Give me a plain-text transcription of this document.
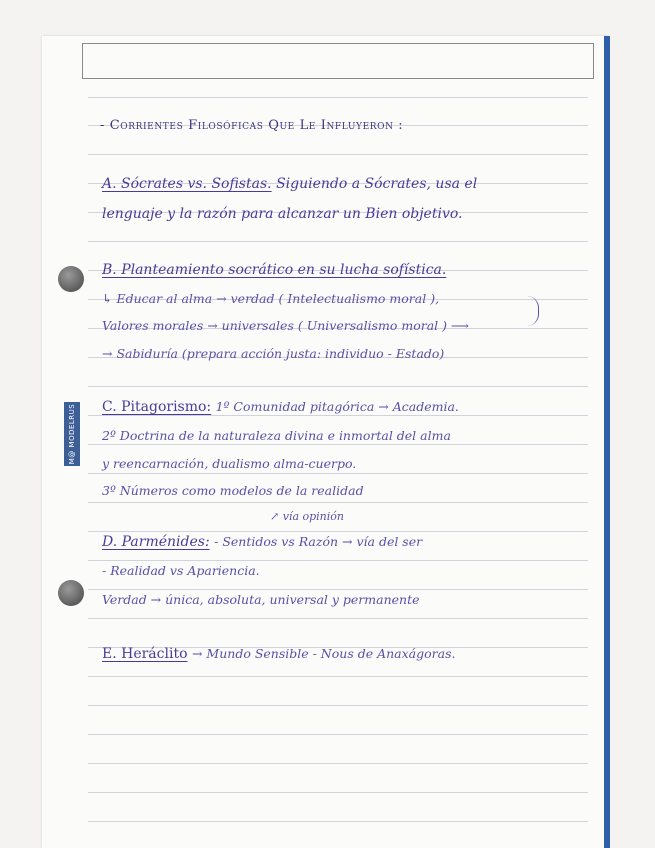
M@ MODELRUS
- Corrientes Filosóficas Que Le Influyeron :
A. Sócrates vs. Sofistas. Siguiendo a Sócrates, usa el
lenguaje y la razón para alcanzar un Bien objetivo.
B. Planteamiento socrático en su lucha sofística.
↳ Educar al alma → verdad ( Intelectualismo moral ),
Valores morales → universales ( Universalismo moral ) ⟶
→ Sabiduría (prepara acción justa: individuo - Estado)
C. Pitagorismo: 1º Comunidad pitagórica → Academia.
2º Doctrina de la naturaleza divina e inmortal del alma
y reencarnación, dualismo alma-cuerpo.
3º Números como modelos de la realidad
↗ vía opinión
D. Parménides: - Sentidos vs Razón → vía del ser
- Realidad vs Apariencia.
Verdad → única, absoluta, universal y permanente
E. Heráclito → Mundo Sensible - Nous de Anaxágoras.
